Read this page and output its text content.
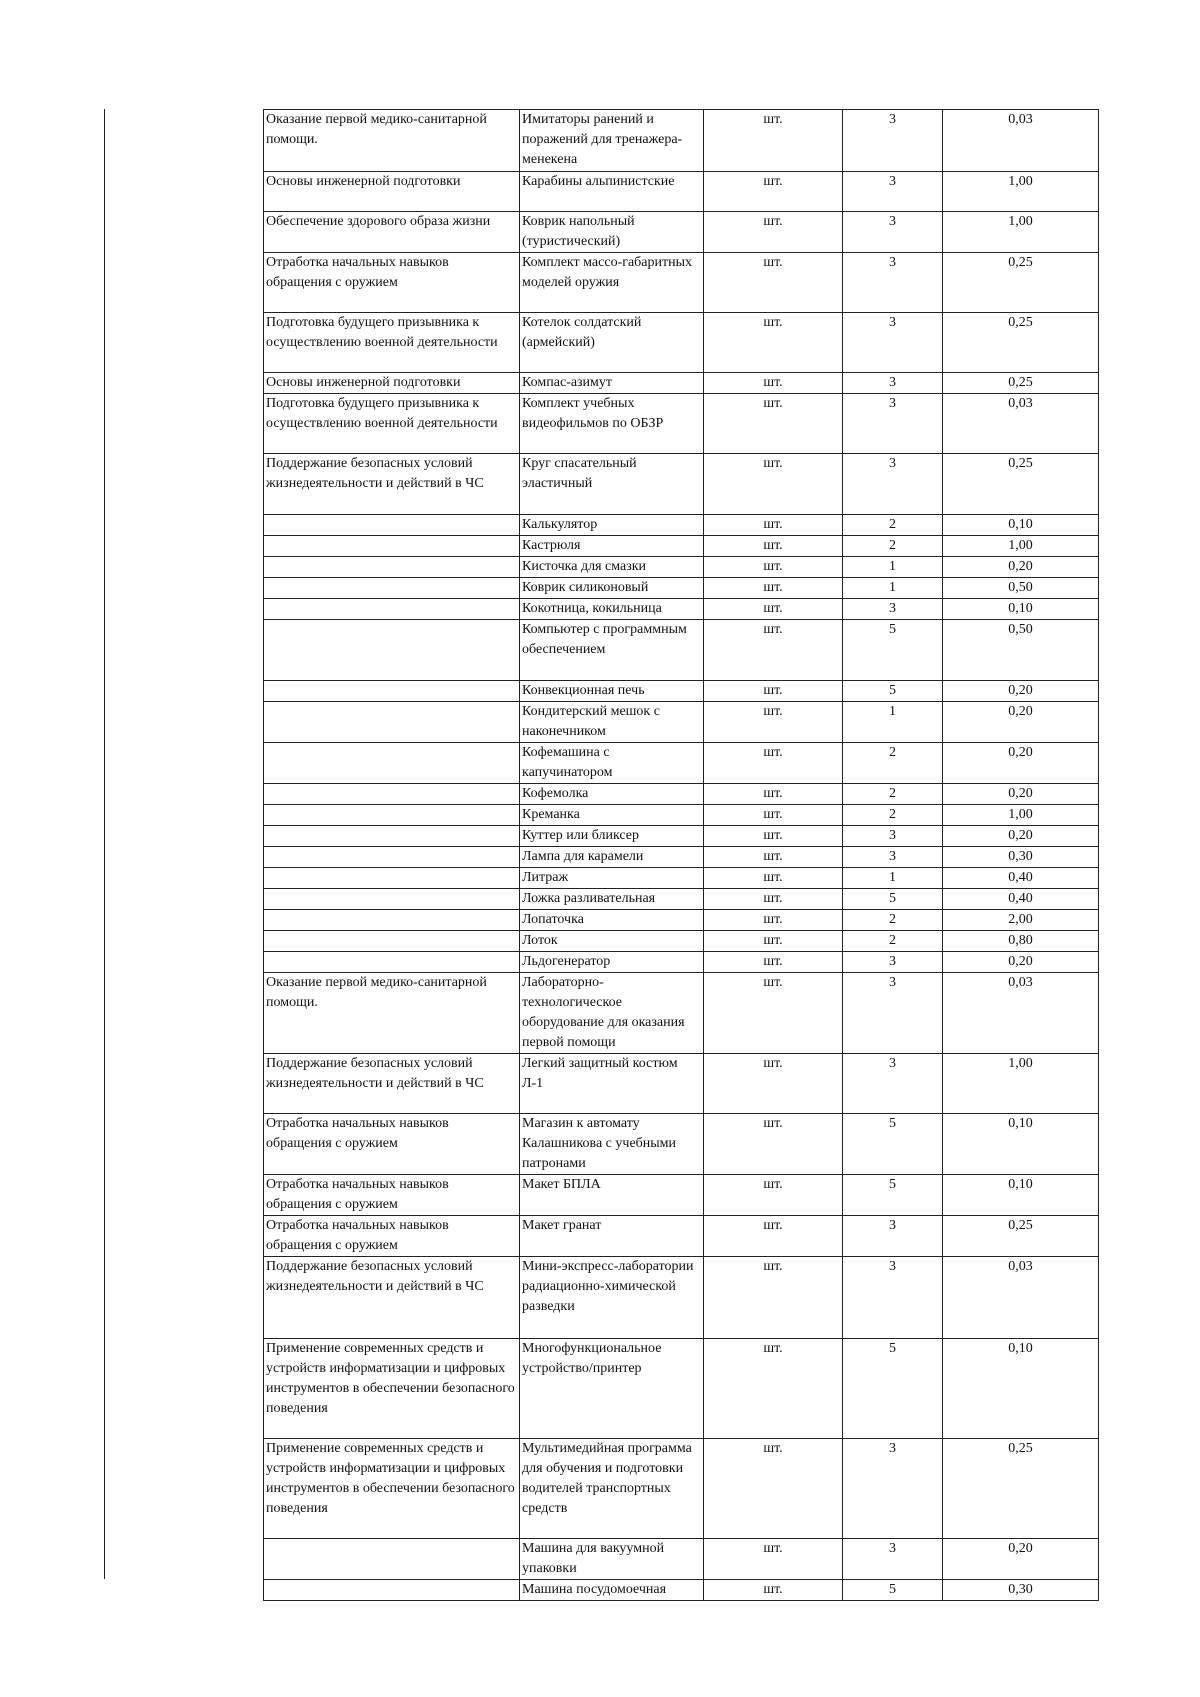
Оказание первой медико-санитарной помощи.	Имитаторы ранений и поражений для тренажера-менекена	шт.	3	0,03
Основы инженерной подготовки	Карабины альпинистские	шт.	3	1,00
Обеспечение здорового образа жизни	Коврик напольный (туристический)	шт.	3	1,00
Отработка начальных навыков обращения с оружием	Комплект массо-габаритных моделей оружия	шт.	3	0,25
Подготовка будущего призывника к осуществлению военной деятельности	Котелок солдатский (армейский)	шт.	3	0,25
Основы инженерной подготовки	Компас-азимут	шт.	3	0,25
Подготовка будущего призывника к осуществлению военной деятельности	Комплект учебных видеофильмов по ОБЗР	шт.	3	0,03
Поддержание безопасных условий жизнедеятельности и действий в ЧС	Круг спасательный эластичный	шт.	3	0,25
	Калькулятор	шт.	2	0,10
	Кастрюля	шт.	2	1,00
	Кисточка для смазки	шт.	1	0,20
	Коврик силиконовый	шт.	1	0,50
	Кокотница, кокильница	шт.	3	0,10
	Компьютер с программным обеспечением	шт.	5	0,50
	Конвекционная печь	шт.	5	0,20
	Кондитерский мешок с наконечником	шт.	1	0,20
	Кофемашина с капучинатором	шт.	2	0,20
	Кофемолка	шт.	2	0,20
	Креманка	шт.	2	1,00
	Куттер или бликсер	шт.	3	0,20
	Лампа для карамели	шт.	3	0,30
	Литраж	шт.	1	0,40
	Ложка разливательная	шт.	5	0,40
	Лопаточка	шт.	2	2,00
	Лоток	шт.	2	0,80
	Льдогенератор	шт.	3	0,20
Оказание первой медико-санитарной помощи.	Лабораторно-технологическое оборудование для оказания первой помощи	шт.	3	0,03
Поддержание безопасных условий жизнедеятельности и действий в ЧС	Легкий защитный костюм Л-1	шт.	3	1,00
Отработка начальных навыков обращения с оружием	Магазин к автомату Калашникова с учебными патронами	шт.	5	0,10
Отработка начальных навыков обращения с оружием	Макет БПЛА	шт.	5	0,10
Отработка начальных навыков обращения с оружием	Макет гранат	шт.	3	0,25
Поддержание безопасных условий жизнедеятельности и действий в ЧС	Мини-экспресс-лаборатории радиационно-химической разведки	шт.	3	0,03
Применение современных средств и устройств информатизации и цифровых инструментов в обеспечении безопасного поведения	Многофункциональное устройство/принтер	шт.	5	0,10
Применение современных средств и устройств информатизации и цифровых инструментов в обеспечении безопасного поведения	Мультимедийная программа для обучения и подготовки водителей транспортных средств	шт.	3	0,25
	Машина для вакуумной упаковки	шт.	3	0,20
	Машина посудомоечная	шт.	5	0,30
